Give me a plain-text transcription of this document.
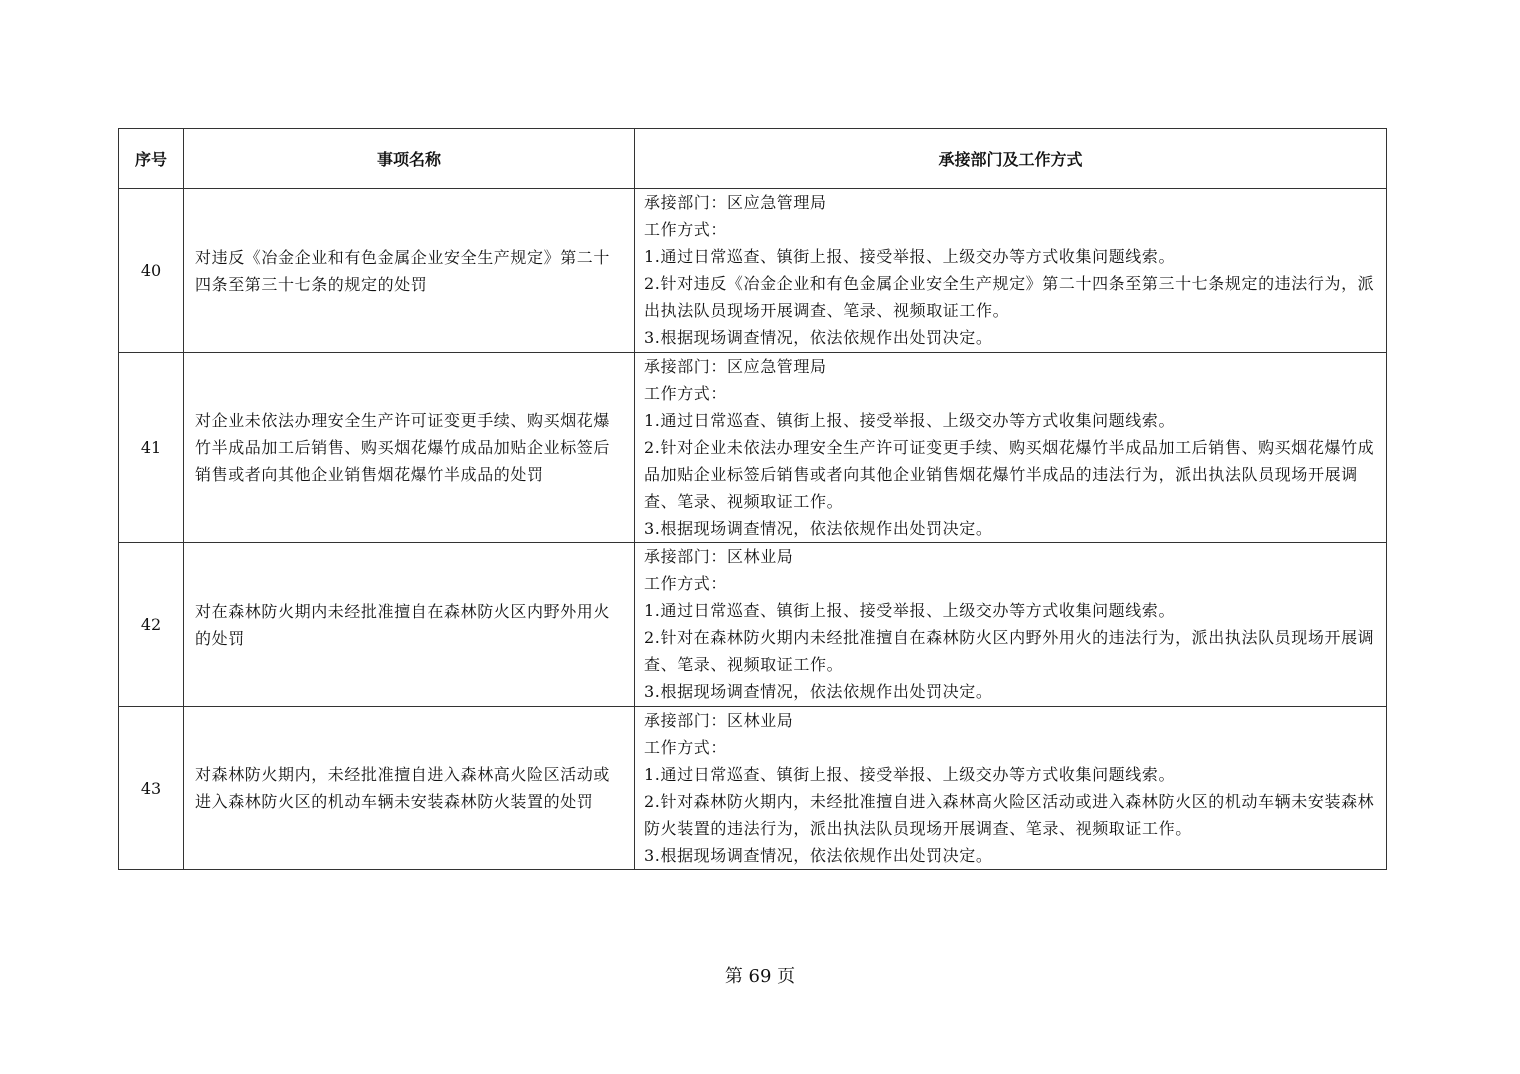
序号	事项名称	承接部门及工作方式
40	对违反《冶金企业和有色金属企业安全生产规定》第二十四条至第三十七条的规定的处罚	承接部门：区应急管理局
工作方式：
1.通过日常巡查、镇街上报、接受举报、上级交办等方式收集问题线索。
2.针对违反《冶金企业和有色金属企业安全生产规定》第二十四条至第三十七条规定的违法行为，派出执法队员现场开展调查、笔录、视频取证工作。
3.根据现场调查情况，依法依规作出处罚决定。

41	对企业未依法办理安全生产许可证变更手续、购买烟花爆竹半成品加工后销售、购买烟花爆竹成品加贴企业标签后销售或者向其他企业销售烟花爆竹半成品的处罚	承接部门：区应急管理局
工作方式：
1.通过日常巡查、镇街上报、接受举报、上级交办等方式收集问题线索。
2.针对企业未依法办理安全生产许可证变更手续、购买烟花爆竹半成品加工后销售、购买烟花爆竹成品加贴企业标签后销售或者向其他企业销售烟花爆竹半成品的违法行为，派出执法队员现场开展调查、笔录、视频取证工作。
3.根据现场调查情况，依法依规作出处罚决定。

42	对在森林防火期内未经批准擅自在森林防火区内野外用火的处罚	承接部门：区林业局
工作方式：
1.通过日常巡查、镇街上报、接受举报、上级交办等方式收集问题线索。
2.针对在森林防火期内未经批准擅自在森林防火区内野外用火的违法行为，派出执法队员现场开展调查、笔录、视频取证工作。
3.根据现场调查情况，依法依规作出处罚决定。

43	对森林防火期内，未经批准擅自进入森林高火险区活动或进入森林防火区的机动车辆未安装森林防火装置的处罚	承接部门：区林业局
工作方式：
1.通过日常巡查、镇街上报、接受举报、上级交办等方式收集问题线索。
2.针对森林防火期内，未经批准擅自进入森林高火险区活动或进入森林防火区的机动车辆未安装森林防火装置的违法行为，派出执法队员现场开展调查、笔录、视频取证工作。
3.根据现场调查情况，依法依规作出处罚决定。
第 69 页
